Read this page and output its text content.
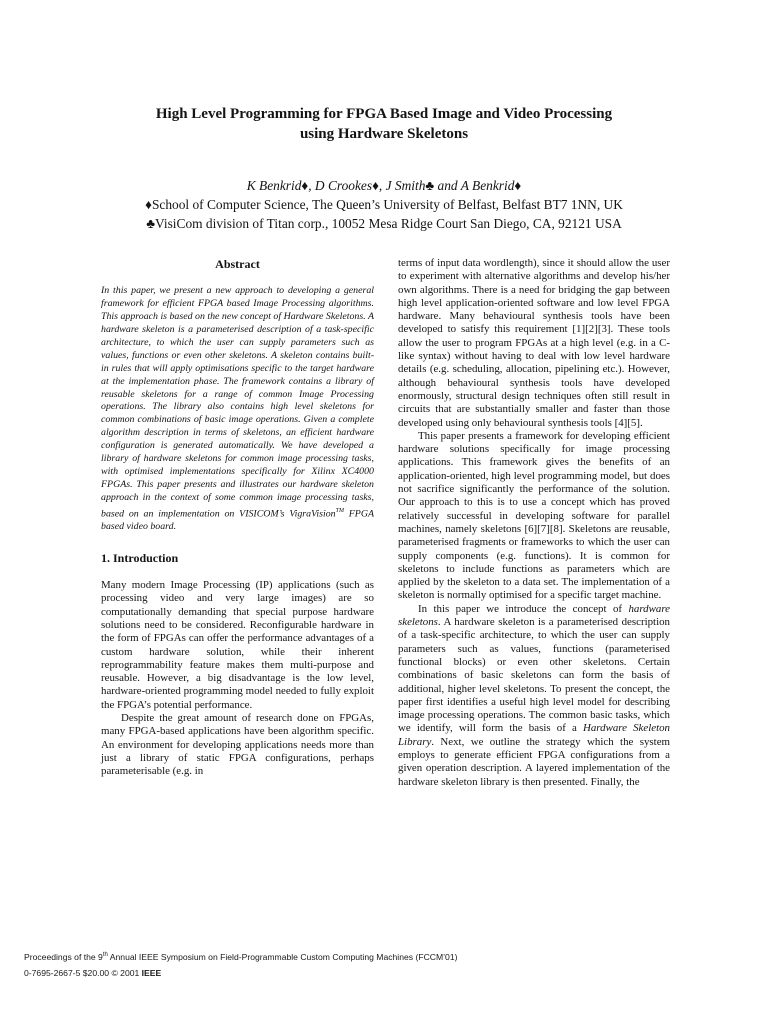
High Level Programming for FPGA Based Image and Video Processing
using Hardware Skeletons
K Benkrid♦, D Crookes♦, J Smith♣ and A Benkrid♦
♦School of Computer Science, The Queen’s University of Belfast, Belfast BT7 1NN, UK
♣VisiCom division of Titan corp., 10052 Mesa Ridge Court San Diego, CA, 92121 USA
Abstract

In this paper, we present a new approach to developing a general framework for efficient FPGA based Image Processing algorithms. This approach is based on the new concept of Hardware Skeletons. A hardware skeleton is a parameterised description of a task-specific architecture, to which the user can supply parameters such as values, functions or even other skeletons. A skeleton contains built-in rules that will apply optimisations specific to the target hardware at the implementation phase. The framework contains a library of reusable skeletons for a range of common Image Processing operations. The library also contains high level skeletons for common combinations of basic image operations. Given a complete algorithm description in terms of skeletons, an efficient hardware configuration is generated automatically. We have developed a library of hardware skeletons for common image processing tasks, with optimised implementations specifically for Xilinx XC4000 FPGAs. This paper presents and illustrates our hardware skeleton approach in the context of some common image processing tasks, based on an implementation on VISICOM’s VigraVision™ FPGA based video board.

1. Introduction

Many modern Image Processing (IP) applications (such as processing video and very large images) are so computationally demanding that special purpose hardware solutions need to be considered. Reconfigurable hardware in the form of FPGAs can offer the performance advantages of a custom hardware solution, while their inherent reprogrammability feature makes them multi-purpose and reusable. However, a big disadvantage is the low level, hardware-oriented programming model needed to fully exploit the FPGA’s potential performance.

Despite the great amount of research done on FPGAs, many FPGA-based applications have been algorithm specific. An environment for developing applications needs more than just a library of static FPGA configurations, perhaps parameterisable (e.g. in

terms of input data wordlength), since it should allow the user to experiment with alternative algorithms and develop his/her own algorithms. There is a need for bridging the gap between high level application-oriented software and low level FPGA hardware. Many behavioural synthesis tools have been developed to satisfy this requirement [1][2][3]. These tools allow the user to program FPGAs at a high level (e.g. in a C-like syntax) without having to deal with low level hardware details (e.g. scheduling, allocation, pipelining etc.). However, although behavioural synthesis tools have developed enormously, structural design techniques often still result in circuits that are substantially smaller and faster than those developed using only behavioural synthesis tools [4][5].

This paper presents a framework for developing efficient hardware solutions specifically for image processing applications. This framework gives the benefits of an application-oriented, high level programming model, but does not sacrifice significantly the performance of the solution. Our approach to this is to use a concept which has proved relatively successful in developing software for parallel machines, namely skeletons [6][7][8]. Skeletons are reusable, parameterised fragments or frameworks to which the user can supply components (e.g. functions). It is common for skeletons to include functions as parameters which are applied by the skeleton to a data set. The implementation of a skeleton is normally optimised for a specific target machine.

In this paper we introduce the concept of hardware skeletons. A hardware skeleton is a parameterised description of a task-specific architecture, to which the user can supply parameters such as values, functions (parameterised functional blocks) or even other skeletons. Certain combinations of basic skeletons can form the basis of additional, higher level skeletons. To present the concept, the paper first identifies a useful high level model for describing image processing operations. The common basic tasks, which we identify, will form the basis of a Hardware Skeleton Library. Next, we outline the strategy which the system employs to generate efficient FPGA configurations from a given operation description. A layered implementation of the hardware skeleton library is then presented. Finally, the

Proceedings of the 9th Annual IEEE Symposium on Field-Programmable Custom Computing Machines (FCCM’01)
0-7695-2667-5 $20.00 © 2001 IEEE
